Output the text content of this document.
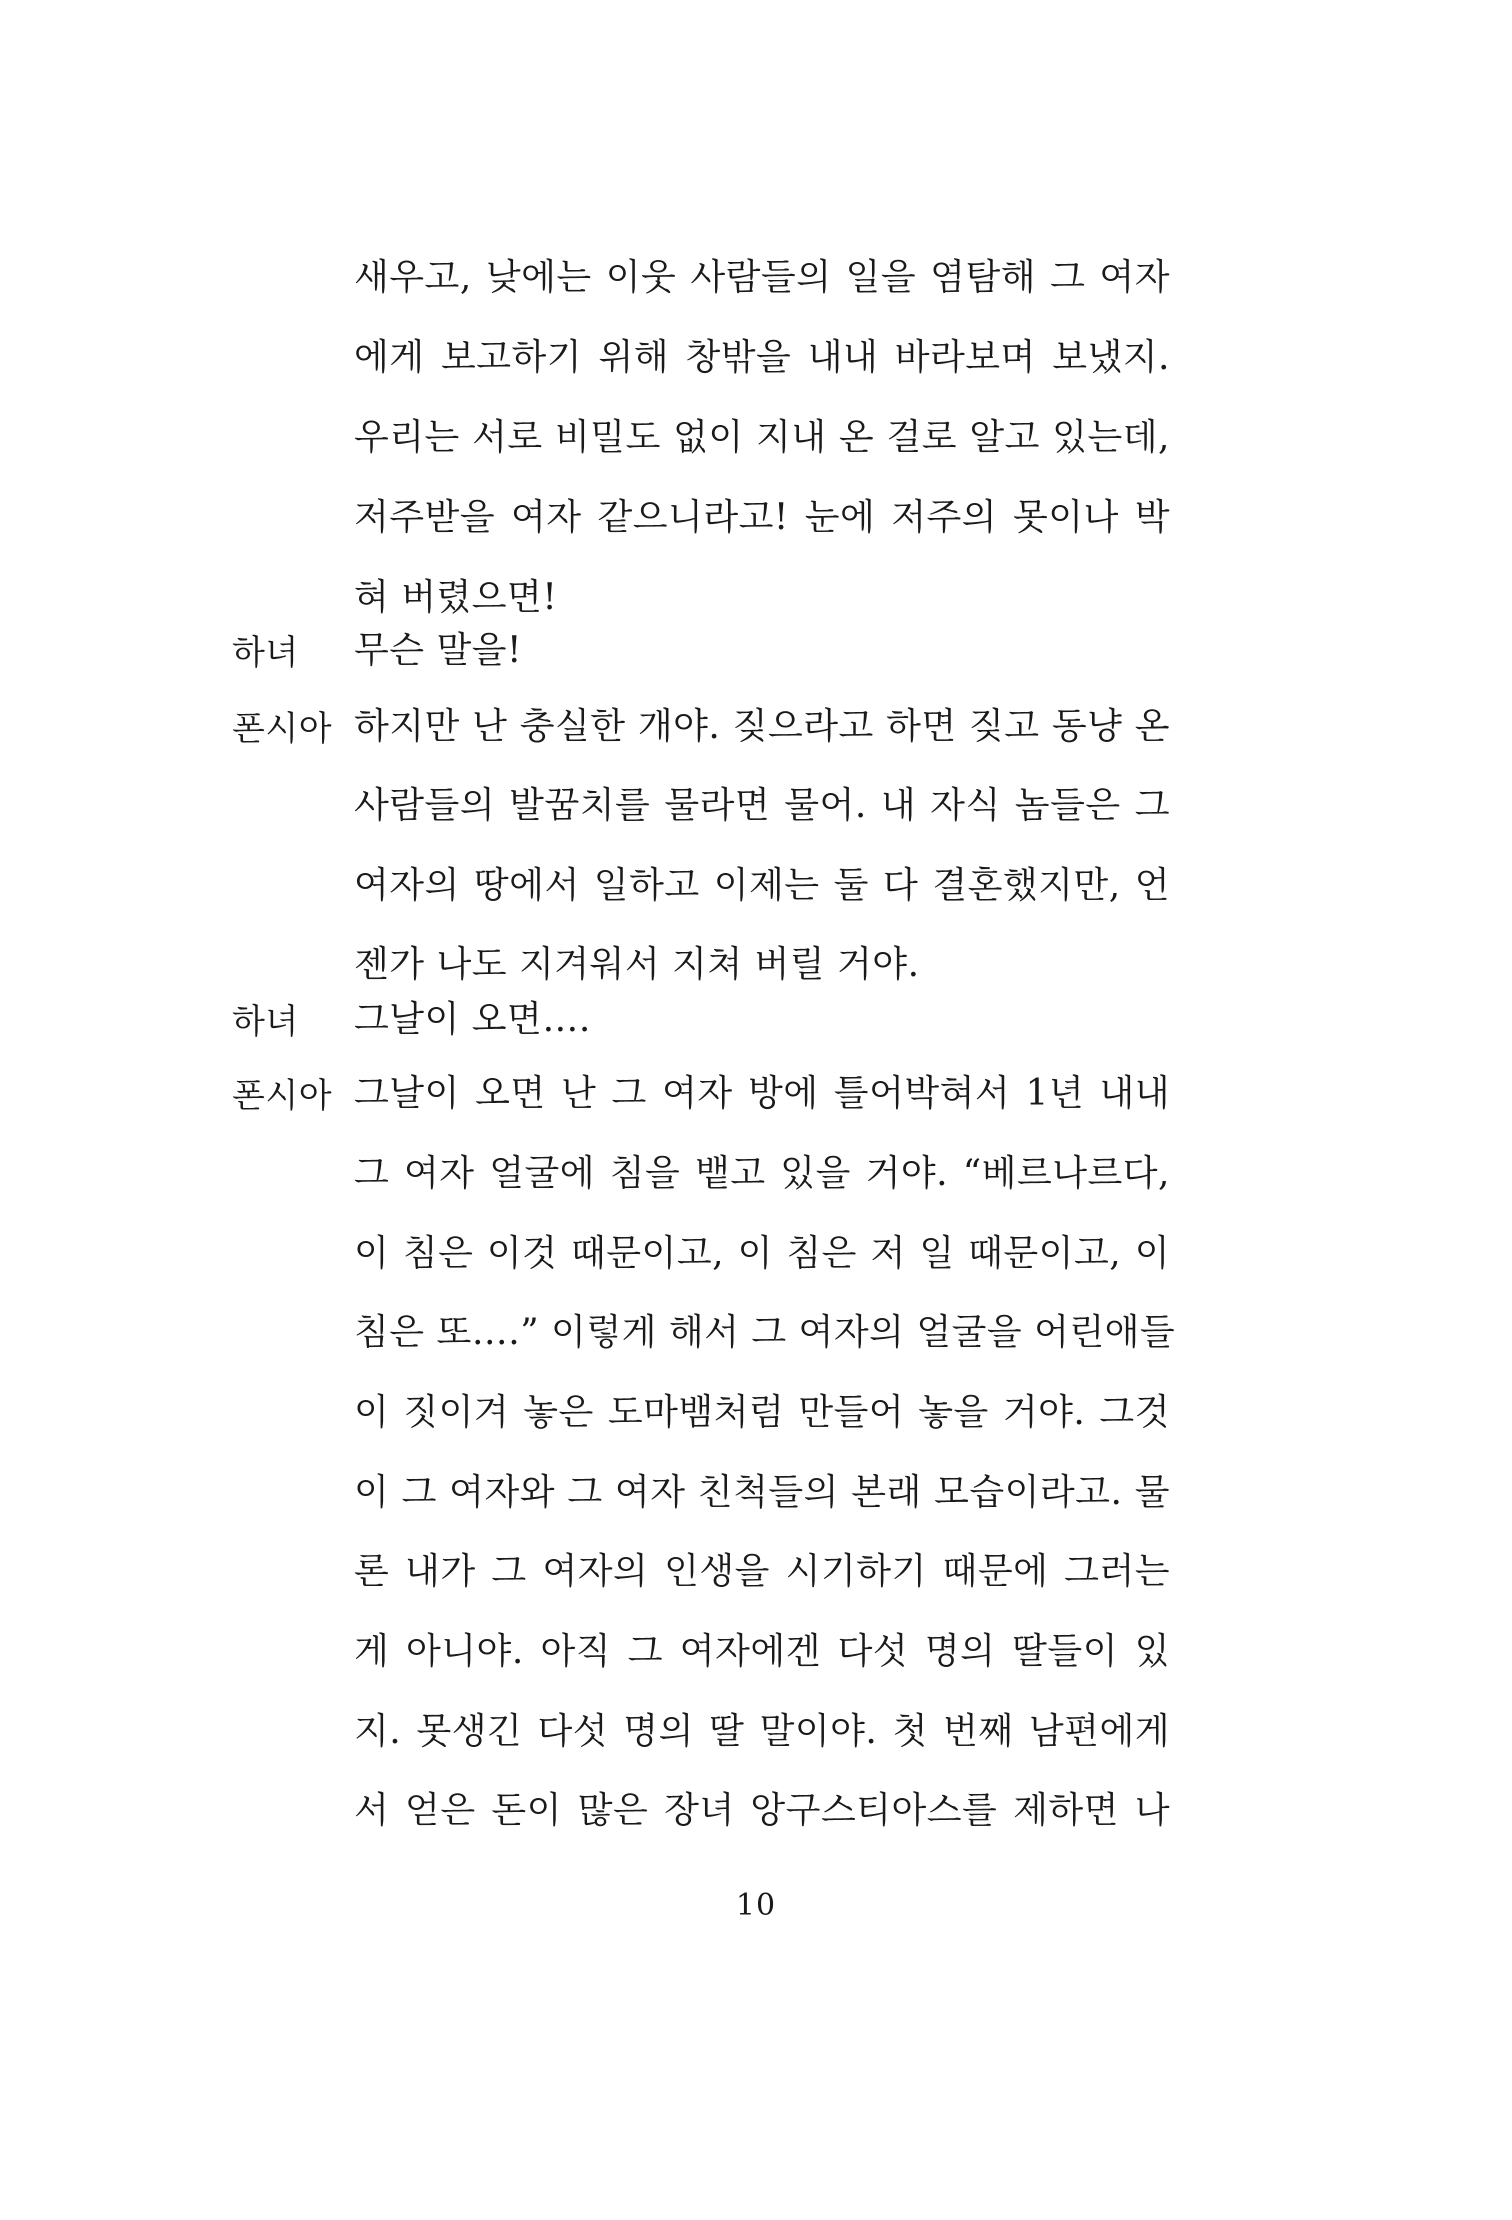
새우고, 낮에는 이웃 사람들의 일을 염탐해 그 여자
에게 보고하기 위해 창밖을 내내 바라보며 보냈지.
우리는 서로 비밀도 없이 지내 온 걸로 알고 있는데,
저주받을 여자 같으니라고! 눈에 저주의 못이나 박
혀 버렸으면!
하녀 무슨 말을!
폰시아 하지만 난 충실한 개야. 짖으라고 하면 짖고 동냥 온
사람들의 발꿈치를 물라면 물어. 내 자식 놈들은 그
여자의 땅에서 일하고 이제는 둘 다 결혼했지만, 언
젠가 나도 지겨워서 지쳐 버릴 거야.
하녀 그날이 오면….
폰시아 그날이 오면 난 그 여자 방에 틀어박혀서 1년 내내
그 여자 얼굴에 침을 뱉고 있을 거야. “베르나르다,
이 침은 이것 때문이고, 이 침은 저 일 때문이고, 이
침은 또….” 이렇게 해서 그 여자의 얼굴을 어린애들
이 짓이겨 놓은 도마뱀처럼 만들어 놓을 거야. 그것
이 그 여자와 그 여자 친척들의 본래 모습이라고. 물
론 내가 그 여자의 인생을 시기하기 때문에 그러는
게 아니야. 아직 그 여자에겐 다섯 명의 딸들이 있
지. 못생긴 다섯 명의 딸 말이야. 첫 번째 남편에게
서 얻은 돈이 많은 장녀 앙구스티아스를 제하면 나
10
